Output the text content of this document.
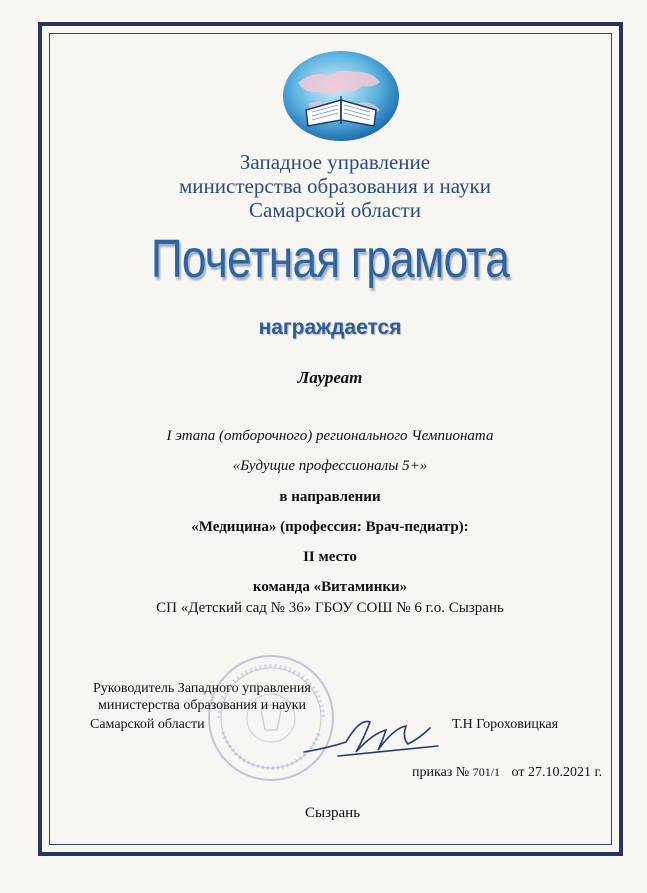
Западное управление
министерства образования и науки
Самарской области
Почетная грамота
награждается
Лауреат
I этапа (отборочного) регионального Чемпионата
«Будущие профессионалы 5+»
в направлении
«Медицина» (профессия: Врач-педиатр):
II место
команда «Витаминки»
СП «Детский сад № 36» ГБОУ СОШ № 6 г.о. Сызрань
Руководитель Западного управления
министерства образования и науки
Самарской области	Т.Н Гороховицкая
приказ № 701/1 от 27.10.2021 г.
Сызрань
